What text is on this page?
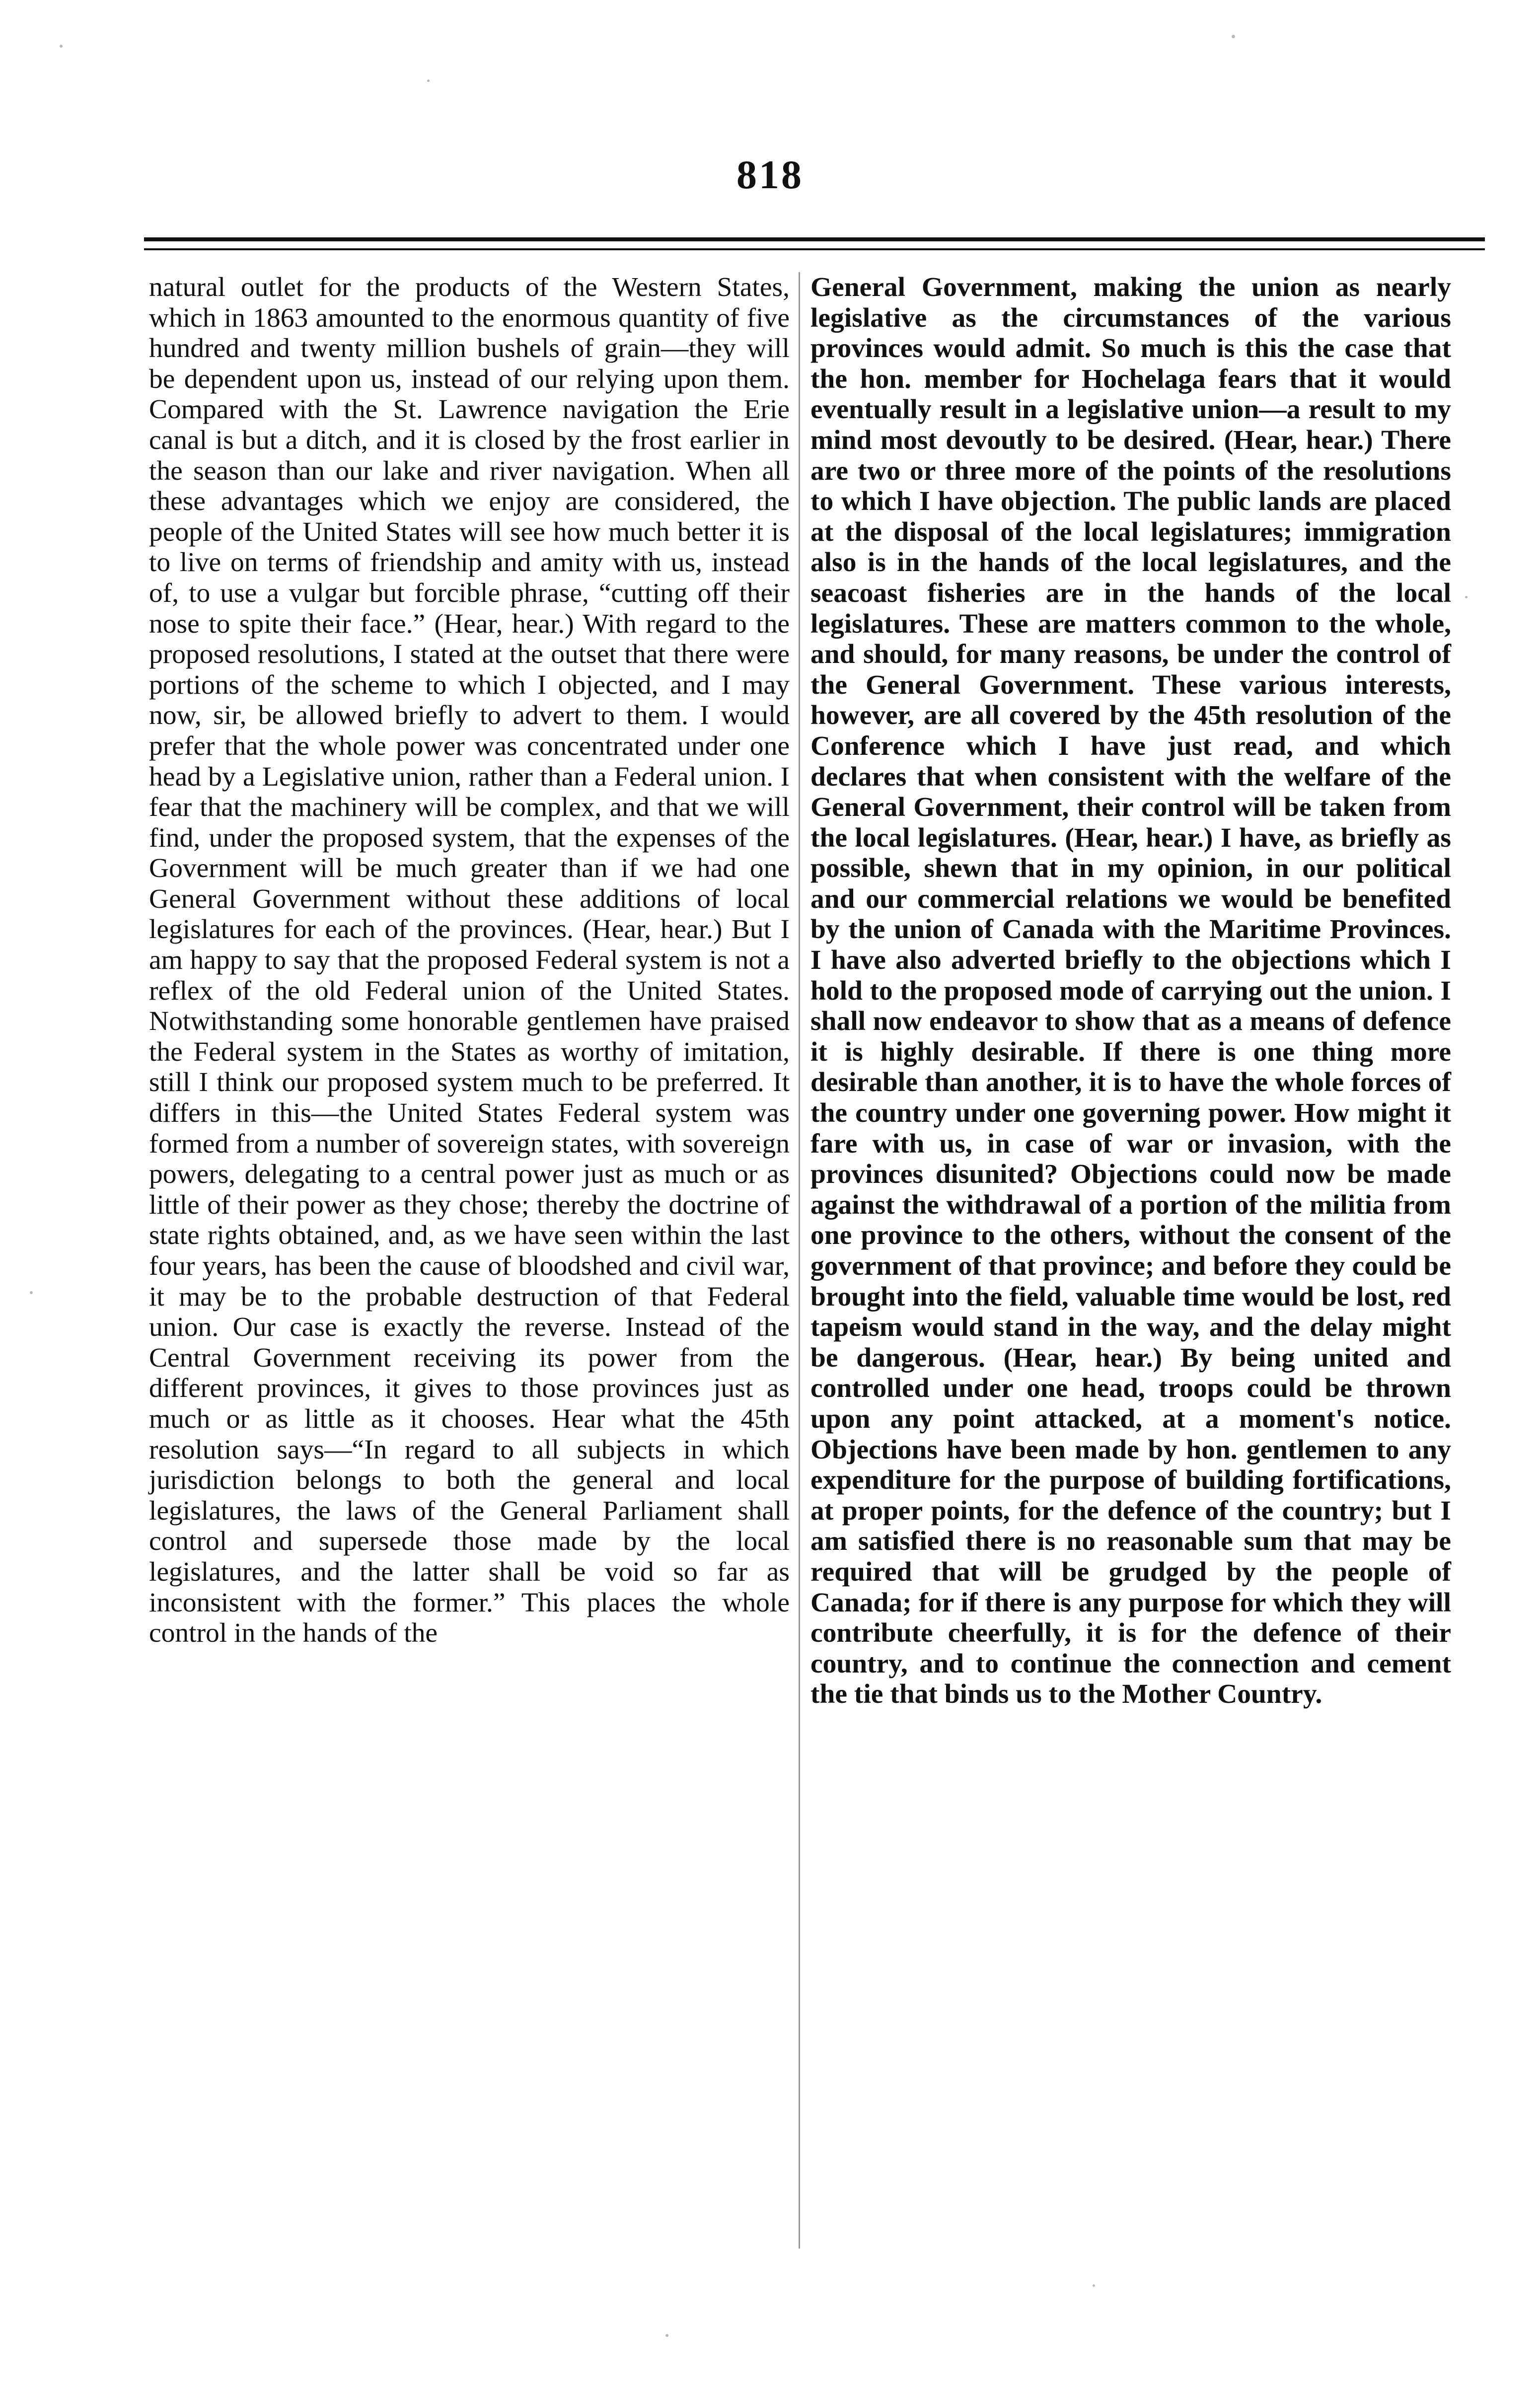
818

natural outlet for the products of the Western States, which in 1863 amounted to the enormous quantity of five hundred and twenty million bushels of grain—they will be dependent upon us, instead of our relying upon them. Compared with the St. Lawrence navigation the Erie canal is but a ditch, and it is closed by the frost earlier in the season than our lake and river navigation. When all these advantages which we enjoy are considered, the people of the United States will see how much better it is to live on terms of friendship and amity with us, instead of, to use a vulgar but forcible phrase, “cutting off their nose to spite their face.” (Hear, hear.) With regard to the proposed resolutions, I stated at the outset that there were portions of the scheme to which I objected, and I may now, sir, be allowed briefly to advert to them. I would prefer that the whole power was concentrated under one head by a Legislative union, rather than a Federal union. I fear that the machinery will be complex, and that we will find, under the proposed system, that the expenses of the Government will be much greater than if we had one General Government without these additions of local legislatures for each of the provinces. (Hear, hear.) But I am happy to say that the proposed Federal system is not a reflex of the old Federal union of the United States. Notwithstanding some honorable gentlemen have praised the Federal system in the States as worthy of imitation, still I think our proposed system much to be preferred. It differs in this—the United States Federal system was formed from a number of sovereign states, with sovereign powers, delegating to a central power just as much or as little of their power as they chose; thereby the doctrine of state rights obtained, and, as we have seen within the last four years, has been the cause of bloodshed and civil war, it may be to the probable destruction of that Federal union. Our case is exactly the reverse. Instead of the Central Government receiving its power from the different provinces, it gives to those provinces just as much or as little as it chooses. Hear what the 45th resolution says—“In regard to all subjects in which jurisdiction belongs to both the general and local legislatures, the laws of the General Parliament shall control and supersede those made by the local legislatures, and the latter shall be void so far as inconsistent with the former.” This places the whole control in the hands of the

General Government, making the union as nearly legislative as the circumstances of the various provinces would admit. So much is this the case that the hon. member for Hochelaga fears that it would eventually result in a legislative union—a result to my mind most devoutly to be desired. (Hear, hear.) There are two or three more of the points of the resolutions to which I have objection. The public lands are placed at the disposal of the local legislatures; immigration also is in the hands of the local legislatures, and the seacoast fisheries are in the hands of the local legislatures. These are matters common to the whole, and should, for many reasons, be under the control of the General Government. These various interests, however, are all covered by the 45th resolution of the Conference which I have just read, and which declares that when consistent with the welfare of the General Government, their control will be taken from the local legislatures. (Hear, hear.) I have, as briefly as possible, shewn that in my opinion, in our political and our commercial relations we would be benefited by the union of Canada with the Maritime Provinces. I have also adverted briefly to the objections which I hold to the proposed mode of carrying out the union. I shall now endeavor to show that as a means of defence it is highly desirable. If there is one thing more desirable than another, it is to have the whole forces of the country under one governing power. How might it fare with us, in case of war or invasion, with the provinces disunited? Objections could now be made against the withdrawal of a portion of the militia from one province to the others, without the consent of the government of that province; and before they could be brought into the field, valuable time would be lost, red tapeism would stand in the way, and the delay might be dangerous. (Hear, hear.) By being united and controlled under one head, troops could be thrown upon any point attacked, at a moment's notice. Objections have been made by hon. gentlemen to any expenditure for the purpose of building fortifications, at proper points, for the defence of the country; but I am satisfied there is no reasonable sum that may be required that will be grudged by the people of Canada; for if there is any purpose for which they will contribute cheerfully, it is for the defence of their country, and to continue the connection and cement the tie that binds us to the Mother Country.
